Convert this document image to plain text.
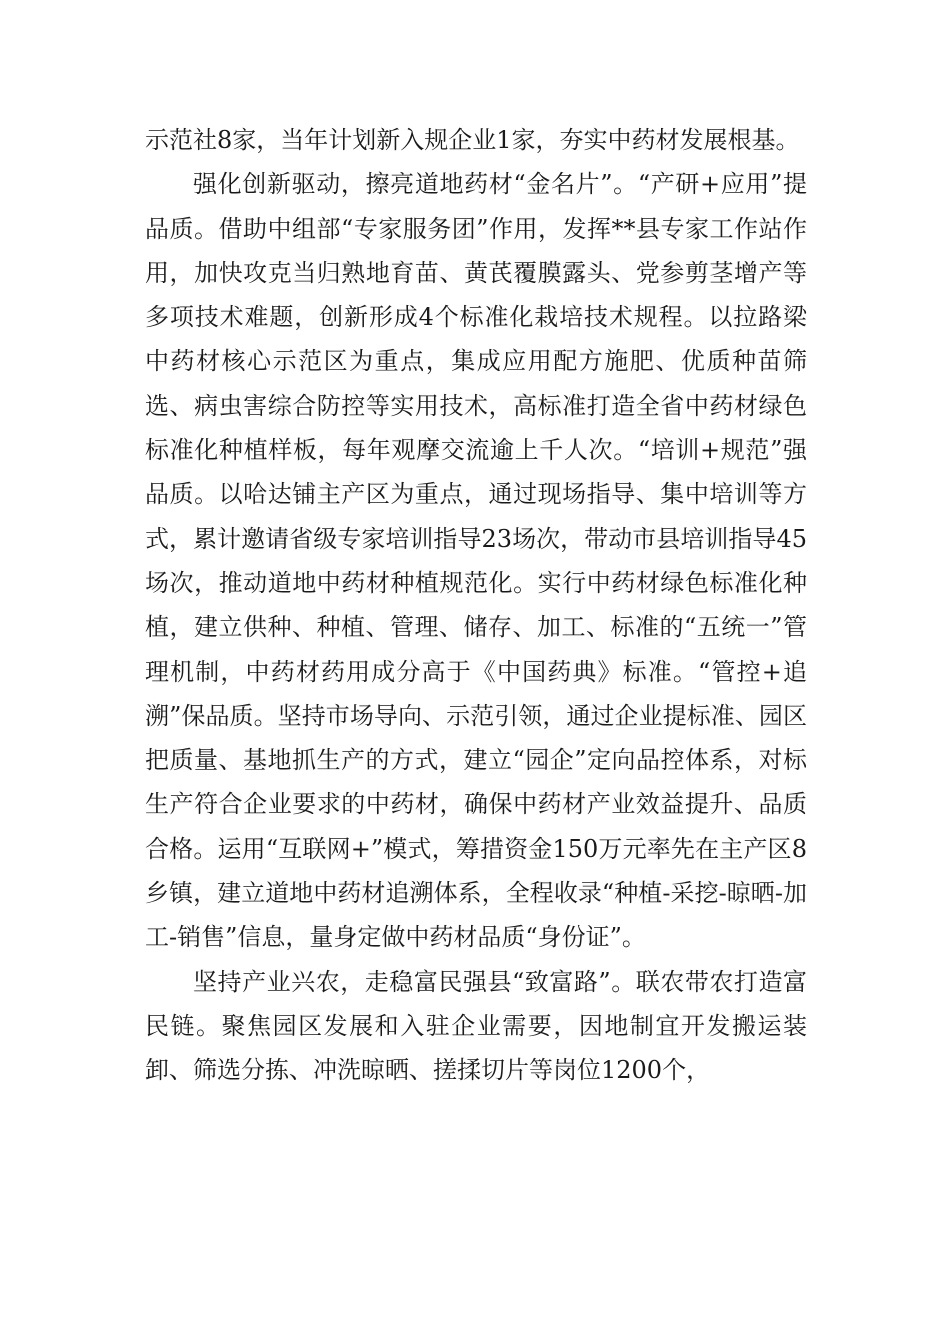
示范社8家，当年计划新入规企业1家，夯实中药材发展根基。

强化创新驱动，擦亮道地药材“金名片”。“产研+应用”提品质。借助中组部“专家服务团”作用，发挥**县专家工作站作用，加快攻克当归熟地育苗、黄芪覆膜露头、党参剪茎增产等多项技术难题，创新形成4个标准化栽培技术规程。以拉路梁中药材核心示范区为重点，集成应用配方施肥、优质种苗筛选、病虫害综合防控等实用技术，高标准打造全省中药材绿色标准化种植样板，每年观摩交流逾上千人次。“培训+规范”强品质。以哈达铺主产区为重点，通过现场指导、集中培训等方式，累计邀请省级专家培训指导23场次，带动市县培训指导45场次，推动道地中药材种植规范化。实行中药材绿色标准化种植，建立供种、种植、管理、储存、加工、标准的“五统一”管理机制，中药材药用成分高于《中国药典》标准。“管控+追溯”保品质。坚持市场导向、示范引领，通过企业提标准、园区把质量、基地抓生产的方式，建立“园企”定向品控体系，对标生产符合企业要求的中药材，确保中药材产业效益提升、品质合格。运用“互联网+”模式，筹措资金150万元率先在主产区8乡镇，建立道地中药材追溯体系，全程收录“种植-采挖-晾晒-加工-销售”信息，量身定做中药材品质“身份证”。

坚持产业兴农，走稳富民强县“致富路”。联农带农打造富民链。聚焦园区发展和入驻企业需要，因地制宜开发搬运装卸、筛选分拣、冲洗晾晒、搓揉切片等岗位1200个，
